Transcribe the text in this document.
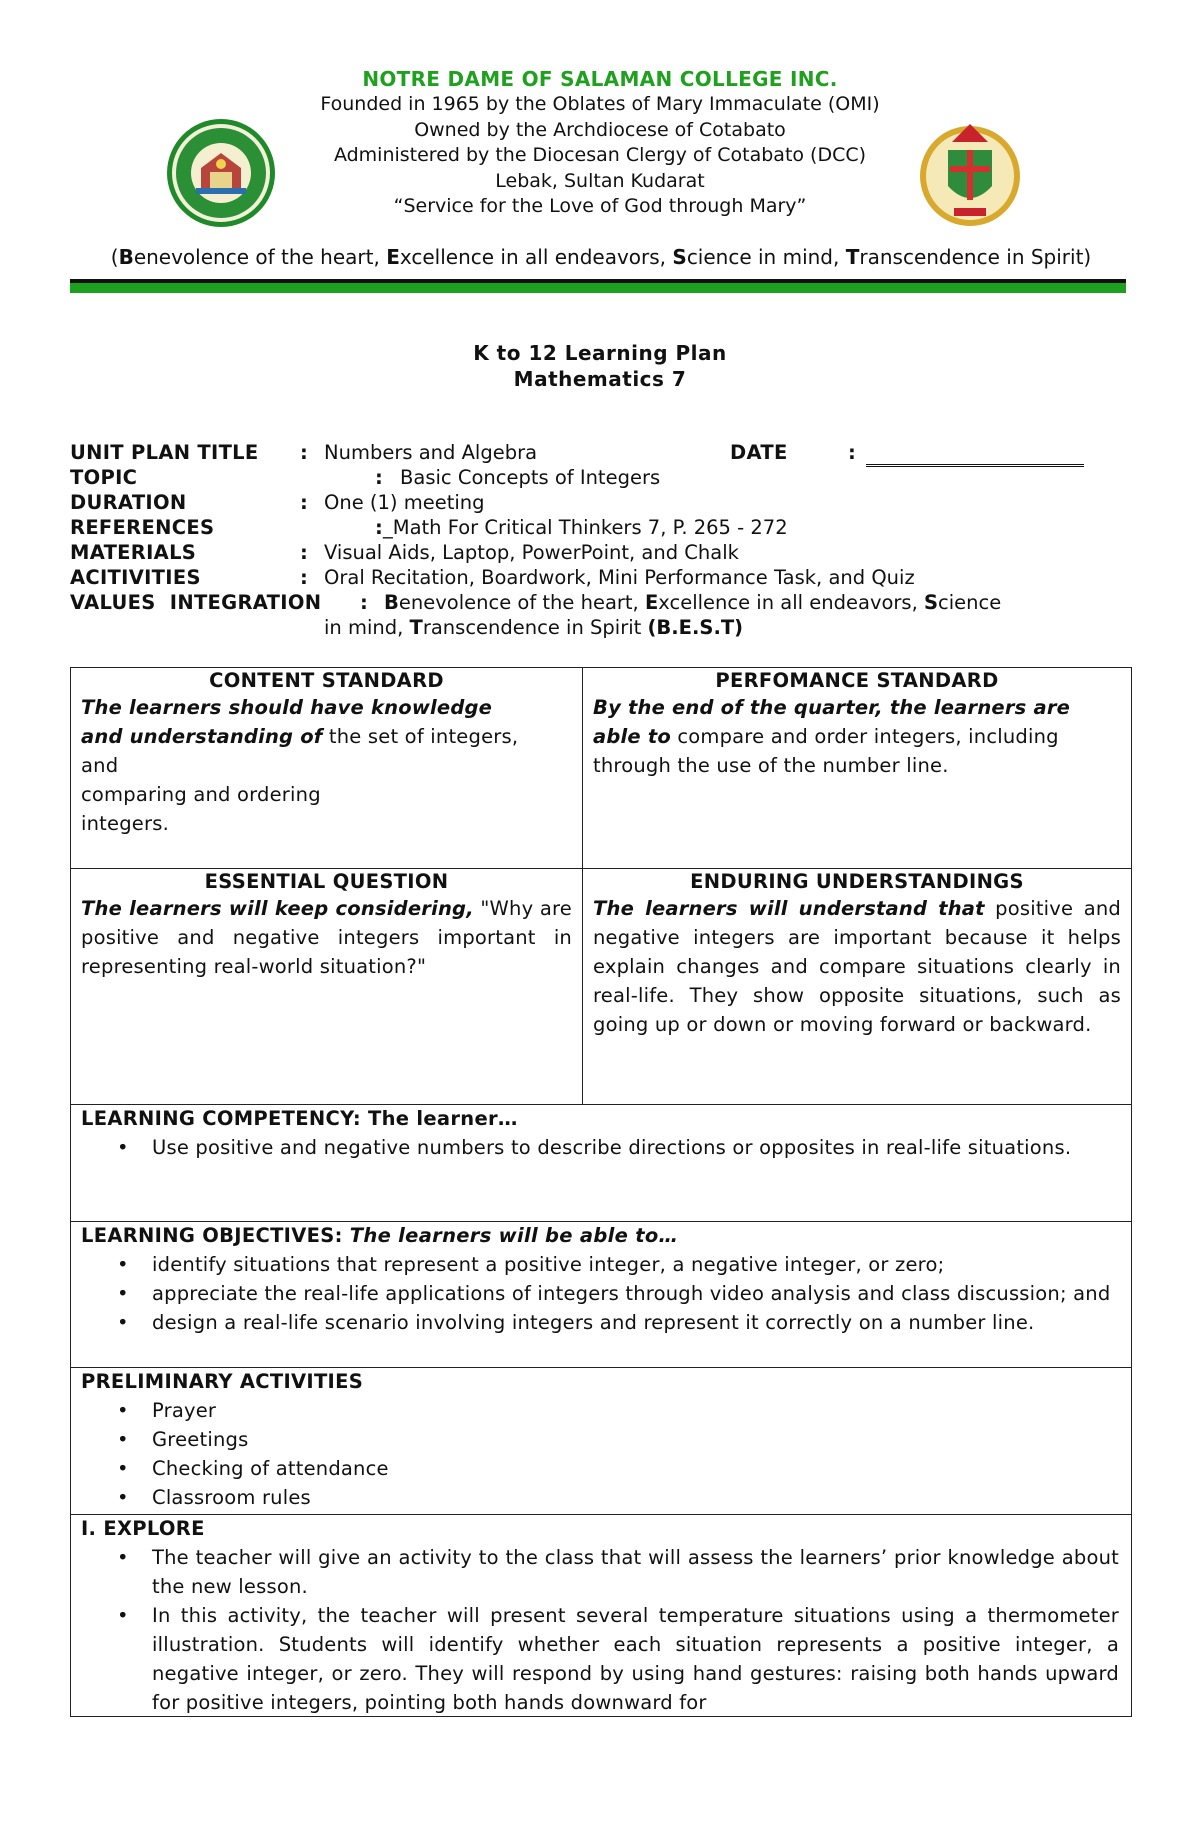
NOTRE DAME OF SALAMAN COLLEGE INC.
Founded in 1965 by the Oblates of Mary Immaculate (OMI)
Owned by the Archdiocese of Cotabato
Administered by the Diocesan Clergy of Cotabato (DCC)
Lebak, Sultan Kudarat
“Service for the Love of God through Mary”
(Benevolence of the heart, Excellence in all endeavors, Science in mind, Transcendence in Spirit)
K to 12 Learning Plan
Mathematics 7
UNIT PLAN TITLE : Numbers and Algebra	DATE	:
TOPIC	: Basic Concepts of Integers
DURATION	: One (1) meeting
REFERENCES	: _Math For Critical Thinkers 7, P. 265 - 272
MATERIALS	: Visual Aids, Laptop, PowerPoint, and Chalk
ACITIVITIES	: Oral Recitation, Boardwork, Mini Performance Task, and Quiz
VALUES  INTEGRATION : Benevolence of the heart, Excellence in all endeavors, Science
in mind, Transcendence in Spirit (B.E.S.T)
CONTENT STANDARD
The learners should have knowledge
and understanding of the set of integers,
and
comparing and ordering
integers.
PERFOMANCE STANDARD
By the end of the quarter, the learners are
able to compare and order integers, including
through the use of the number line.
ESSENTIAL QUESTION
The learners will keep considering, "Why are positive and negative integers important in representing real-world situation?"
ENDURING UNDERSTANDINGS
The learners will understand that positive and negative integers are important because it helps explain changes and compare situations clearly in real-life. They show opposite situations, such as going up or down or moving forward or backward.
LEARNING COMPETENCY: The learner…
• Use positive and negative numbers to describe directions or opposites in real-life situations.
LEARNING OBJECTIVES: The learners will be able to…
• identify situations that represent a positive integer, a negative integer, or zero;
• appreciate the real-life applications of integers through video analysis and class discussion; and
• design a real-life scenario involving integers and represent it correctly on a number line.
PRELIMINARY ACTIVITIES
• Prayer
• Greetings
• Checking of attendance
• Classroom rules
I. EXPLORE
• The teacher will give an activity to the class that will assess the learners’ prior knowledge about the new lesson.
• In this activity, the teacher will present several temperature situations using a thermometer illustration. Students will identify whether each situation represents a positive integer, a negative integer, or zero. They will respond by using hand gestures: raising both hands upward for positive integers, pointing both hands downward for
